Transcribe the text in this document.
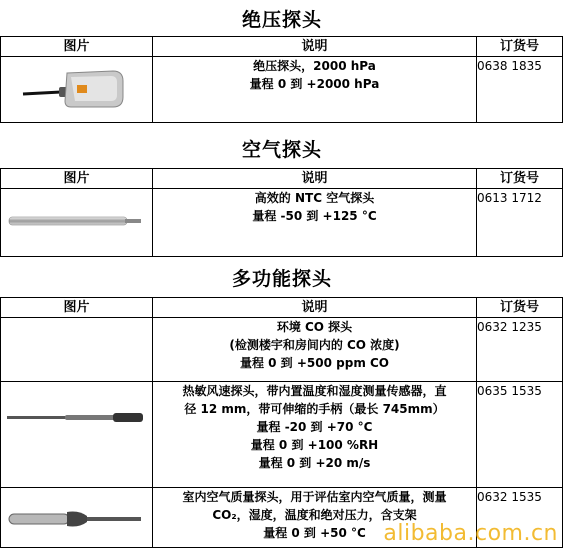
绝压探头
图片	说明	订货号

绝压探头，2000 hPa
量程 0 到 +2000 hPa	0638 1835
空气探头
图片	说明	订货号

高效的 NTC 空气探头
量程 -50 到 +125 °C	0613 1712
多功能探头
图片	说明	订货号

	环境 CO 探头
(检测楼宇和房间内的 CO 浓度)
量程 0 到 +500 ppm CO	0632 1235

热敏风速探头，带内置温度和湿度测量传感器，直
径 12 mm，带可伸缩的手柄（最长 745mm）
量程 -20 到 +70 °C
量程 0 到 +100 %RH
量程 0 到 +20 m/s	0635 1535

室内空气质量探头，用于评估室内空气质量，测量
CO₂，湿度，温度和绝对压力，含支架
量程 0 到 +50 °C	0632 1535
alibaba.com.cn
